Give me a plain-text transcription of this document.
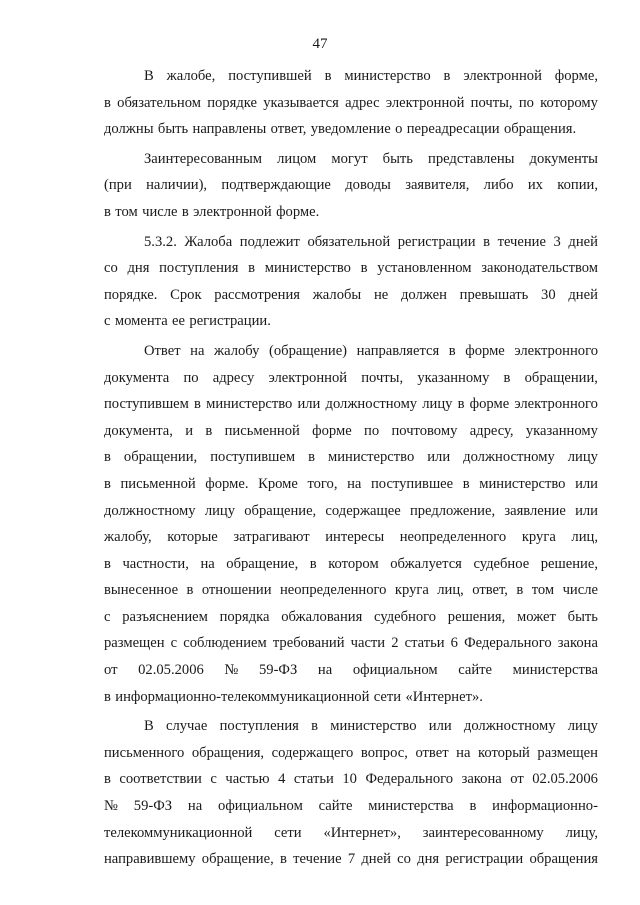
47
В жалобе, поступившей в министерство в электронной форме,
в обязательном порядке указывается адрес электронной почты, по которому
должны быть направлены ответ, уведомление о переадресации обращения.
Заинтересованным лицом могут быть представлены документы
(при наличии), подтверждающие доводы заявителя, либо их копии,
в том числе в электронной форме.
5.3.2. Жалоба подлежит обязательной регистрации в течение 3 дней
со дня поступления в министерство в установленном законодательством
порядке. Срок рассмотрения жалобы не должен превышать 30 дней
с момента ее регистрации.
Ответ на жалобу (обращение) направляется в форме электронного
документа по адресу электронной почты, указанному в обращении,
поступившем в министерство или должностному лицу в форме электронного
документа, и в письменной форме по почтовому адресу, указанному
в обращении, поступившем в министерство или должностному лицу
в письменной форме. Кроме того, на поступившее в министерство или
должностному лицу обращение, содержащее предложение, заявление или
жалобу, которые затрагивают интересы неопределенного круга лиц,
в частности, на обращение, в котором обжалуется судебное решение,
вынесенное в отношении неопределенного круга лиц, ответ, в том числе
с разъяснением порядка обжалования судебного решения, может быть
размещен с соблюдением требований части 2 статьи 6 Федерального закона
от 02.05.2006 № 59-ФЗ на официальном сайте министерства
в информационно-телекоммуникационной сети «Интернет».
В случае поступления в министерство или должностному лицу
письменного обращения, содержащего вопрос, ответ на который размещен
в соответствии с частью 4 статьи 10 Федерального закона от 02.05.2006
№ 59-ФЗ на официальном сайте министерства в информационно-
телекоммуникационной сети «Интернет», заинтересованному лицу,
направившему обращение, в течение 7 дней со дня регистрации обращения
